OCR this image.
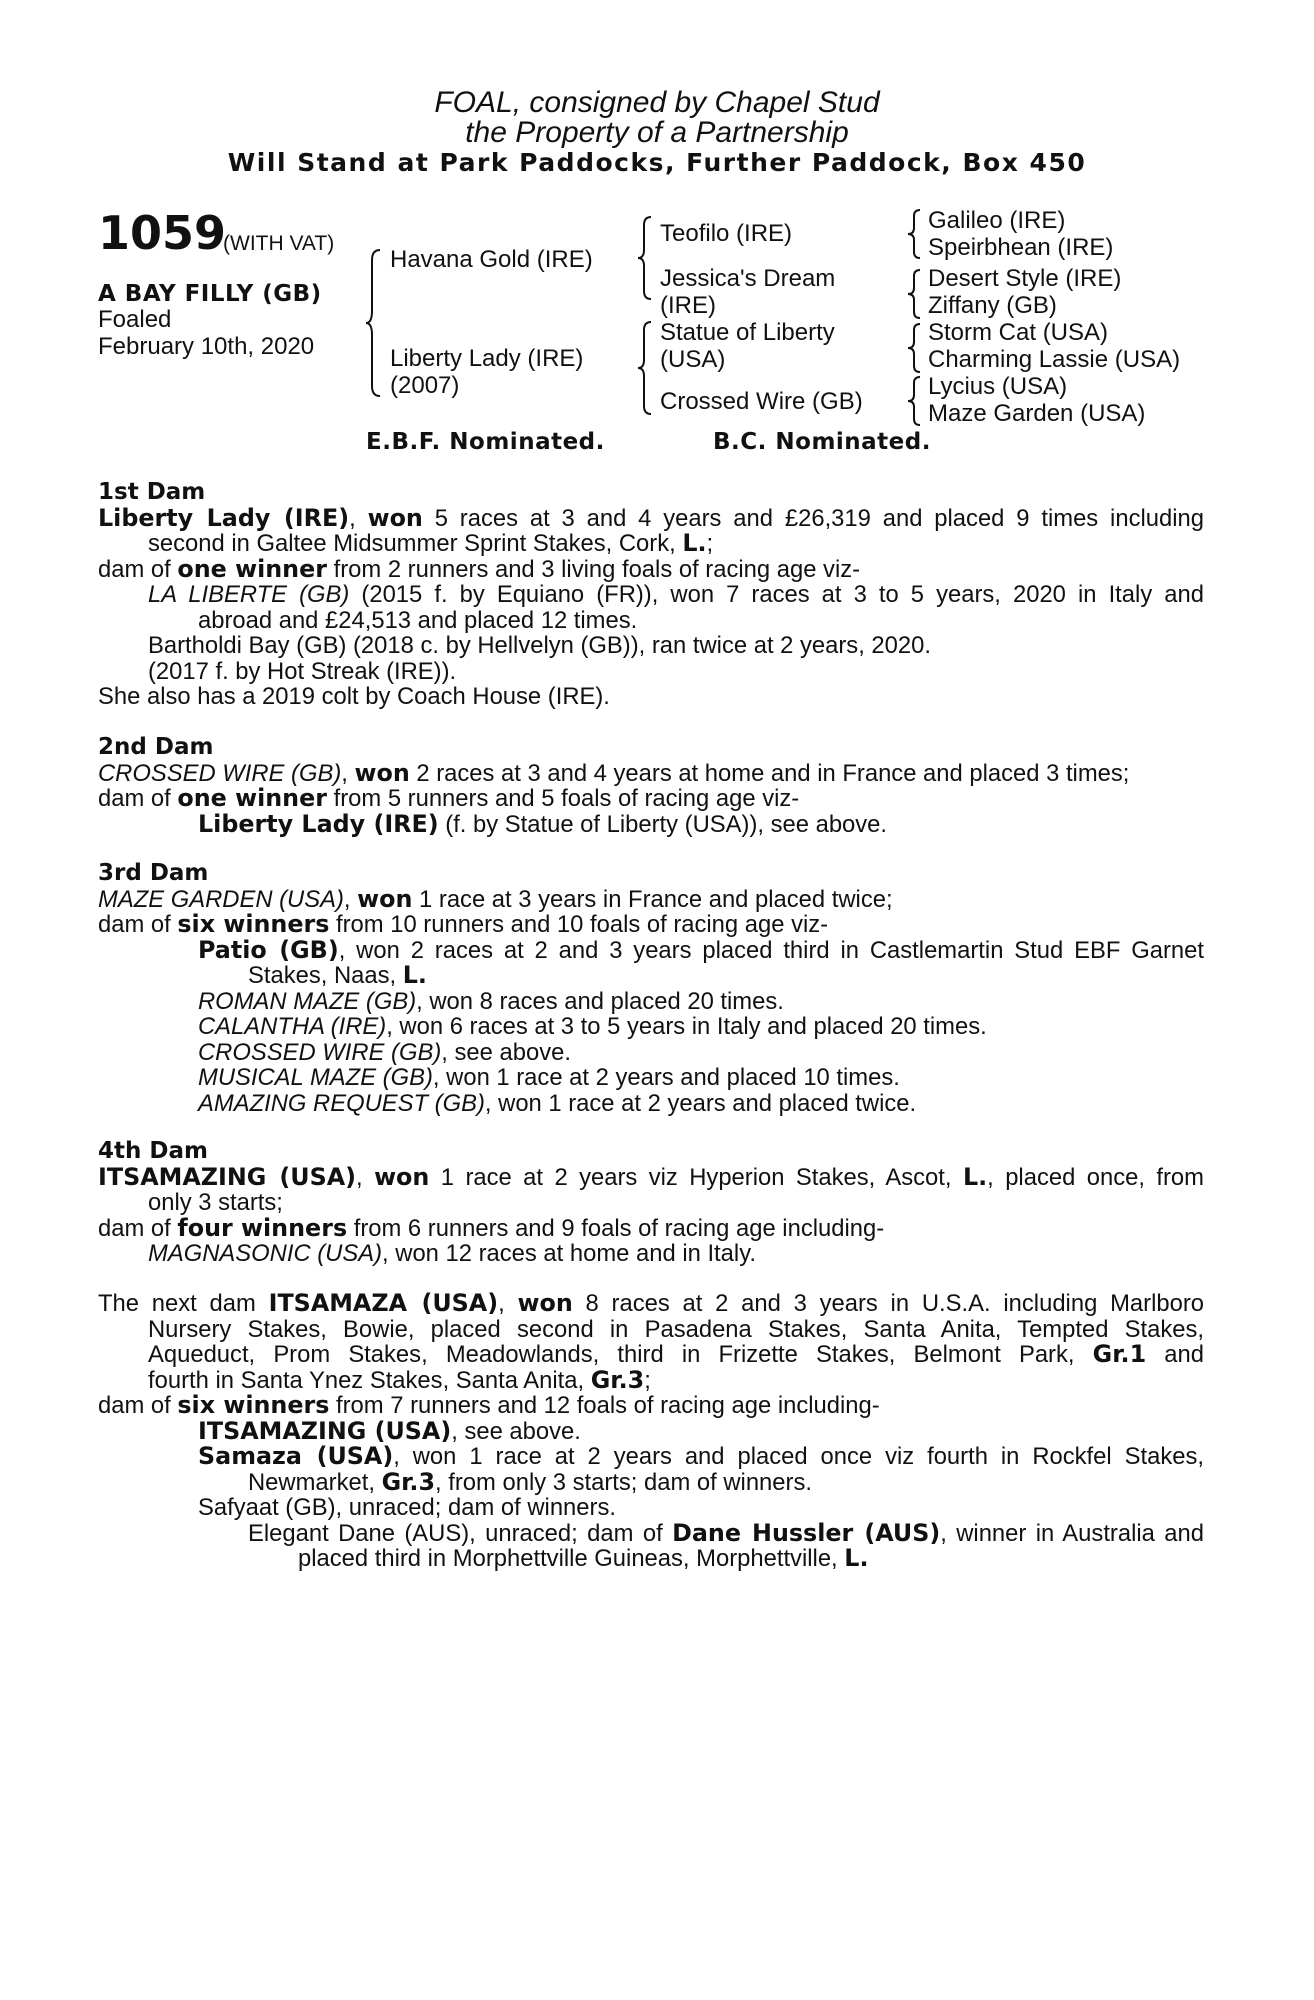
FOAL, consigned by Chapel Stud
the Property of a Partnership
Will Stand at Park Paddocks, Further Paddock, Box 450
1059
(WITH VAT)
A BAY FILLY (GB)
Foaled
February 10th, 2020
Havana Gold (IRE)
Liberty Lady (IRE)
(2007)
Teofilo (IRE)
Jessica's Dream
(IRE)
Statue of Liberty
(USA)
Crossed Wire (GB)
Galileo (IRE)
Speirbhean (IRE)
Desert Style (IRE)
Ziffany (GB)
Storm Cat (USA)
Charming Lassie (USA)
Lycius (USA)
Maze Garden (USA)
E.B.F. Nominated.	B.C. Nominated.
1st Dam
Liberty Lady (IRE), won 5 races at 3 and 4 years and £26,319 and placed 9 times including
second in Galtee Midsummer Sprint Stakes, Cork, L.;
dam of one winner from 2 runners and 3 living foals of racing age viz-
LA LIBERTE (GB) (2015 f. by Equiano (FR)), won 7 races at 3 to 5 years, 2020 in Italy and
abroad and £24,513 and placed 12 times.
Bartholdi Bay (GB) (2018 c. by Hellvelyn (GB)), ran twice at 2 years, 2020.
(2017 f. by Hot Streak (IRE)).
She also has a 2019 colt by Coach House (IRE).
2nd Dam
CROSSED WIRE (GB), won 2 races at 3 and 4 years at home and in France and placed 3 times;
dam of one winner from 5 runners and 5 foals of racing age viz-
Liberty Lady (IRE) (f. by Statue of Liberty (USA)), see above.
3rd Dam
MAZE GARDEN (USA), won 1 race at 3 years in France and placed twice;
dam of six winners from 10 runners and 10 foals of racing age viz-
Patio (GB), won 2 races at 2 and 3 years placed third in Castlemartin Stud EBF Garnet
Stakes, Naas, L.
ROMAN MAZE (GB), won 8 races and placed 20 times.
CALANTHA (IRE), won 6 races at 3 to 5 years in Italy and placed 20 times.
CROSSED WIRE (GB), see above.
MUSICAL MAZE (GB), won 1 race at 2 years and placed 10 times.
AMAZING REQUEST (GB), won 1 race at 2 years and placed twice.
4th Dam
ITSAMAZING (USA), won 1 race at 2 years viz Hyperion Stakes, Ascot, L., placed once, from
only 3 starts;
dam of four winners from 6 runners and 9 foals of racing age including-
MAGNASONIC (USA), won 12 races at home and in Italy.
The next dam ITSAMAZA (USA), won 8 races at 2 and 3 years in U.S.A. including Marlboro
Nursery Stakes, Bowie, placed second in Pasadena Stakes, Santa Anita, Tempted Stakes,
Aqueduct, Prom Stakes, Meadowlands, third in Frizette Stakes, Belmont Park, Gr.1 and
fourth in Santa Ynez Stakes, Santa Anita, Gr.3;
dam of six winners from 7 runners and 12 foals of racing age including-
ITSAMAZING (USA), see above.
Samaza (USA), won 1 race at 2 years and placed once viz fourth in Rockfel Stakes,
Newmarket, Gr.3, from only 3 starts; dam of winners.
Safyaat (GB), unraced; dam of winners.
Elegant Dane (AUS), unraced; dam of Dane Hussler (AUS), winner in Australia and
placed third in Morphettville Guineas, Morphettville, L.
